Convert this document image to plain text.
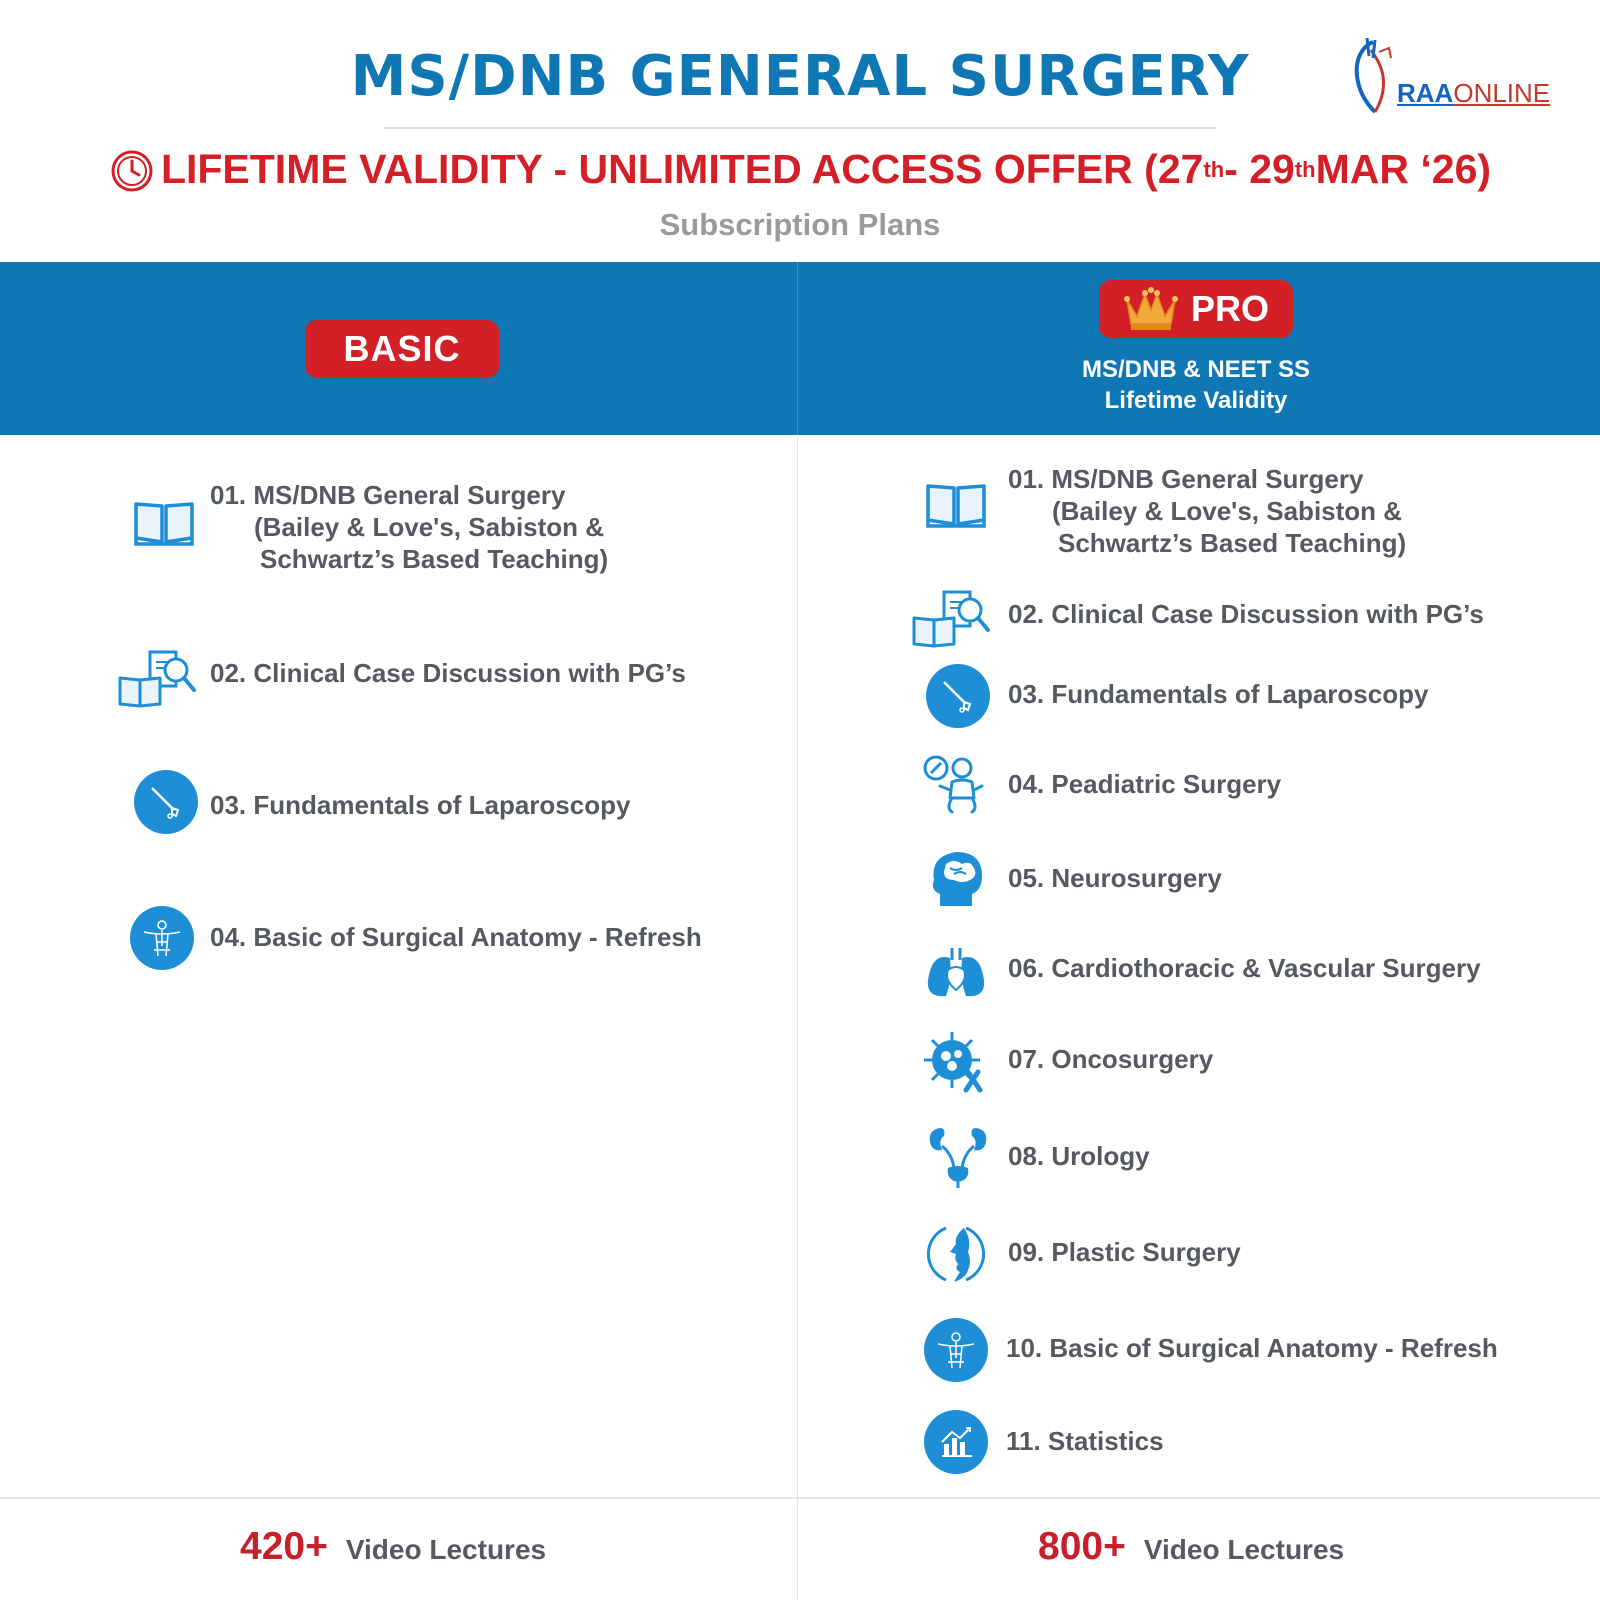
MS/DNB GENERAL SURGERY	RAAONLINE
LIFETIME VALIDITY - UNLIMITED ACCESS OFFER (27 th - 29 th MAR ‘26)
Subscription Plans
BASIC
PRO
MS/DNB & NEET SS
Lifetime Validity
01. MS/DNB General Surgery
(Bailey & Love's, Sabiston &
Schwartz’s Based Teaching)
02. Clinical Case Discussion with PG’s
03. Fundamentals of Laparoscopy
04. Basic of Surgical Anatomy - Refresh
01. MS/DNB General Surgery
(Bailey & Love's, Sabiston &
Schwartz’s Based Teaching)
02. Clinical Case Discussion with PG’s
03. Fundamentals of Laparoscopy
04. Peadiatric Surgery
05. Neurosurgery
06. Cardiothoracic & Vascular Surgery
07. Oncosurgery
08. Urology
09. Plastic Surgery
10. Basic of Surgical Anatomy - Refresh
11. Statistics
420+ Video Lectures	800+ Video Lectures
